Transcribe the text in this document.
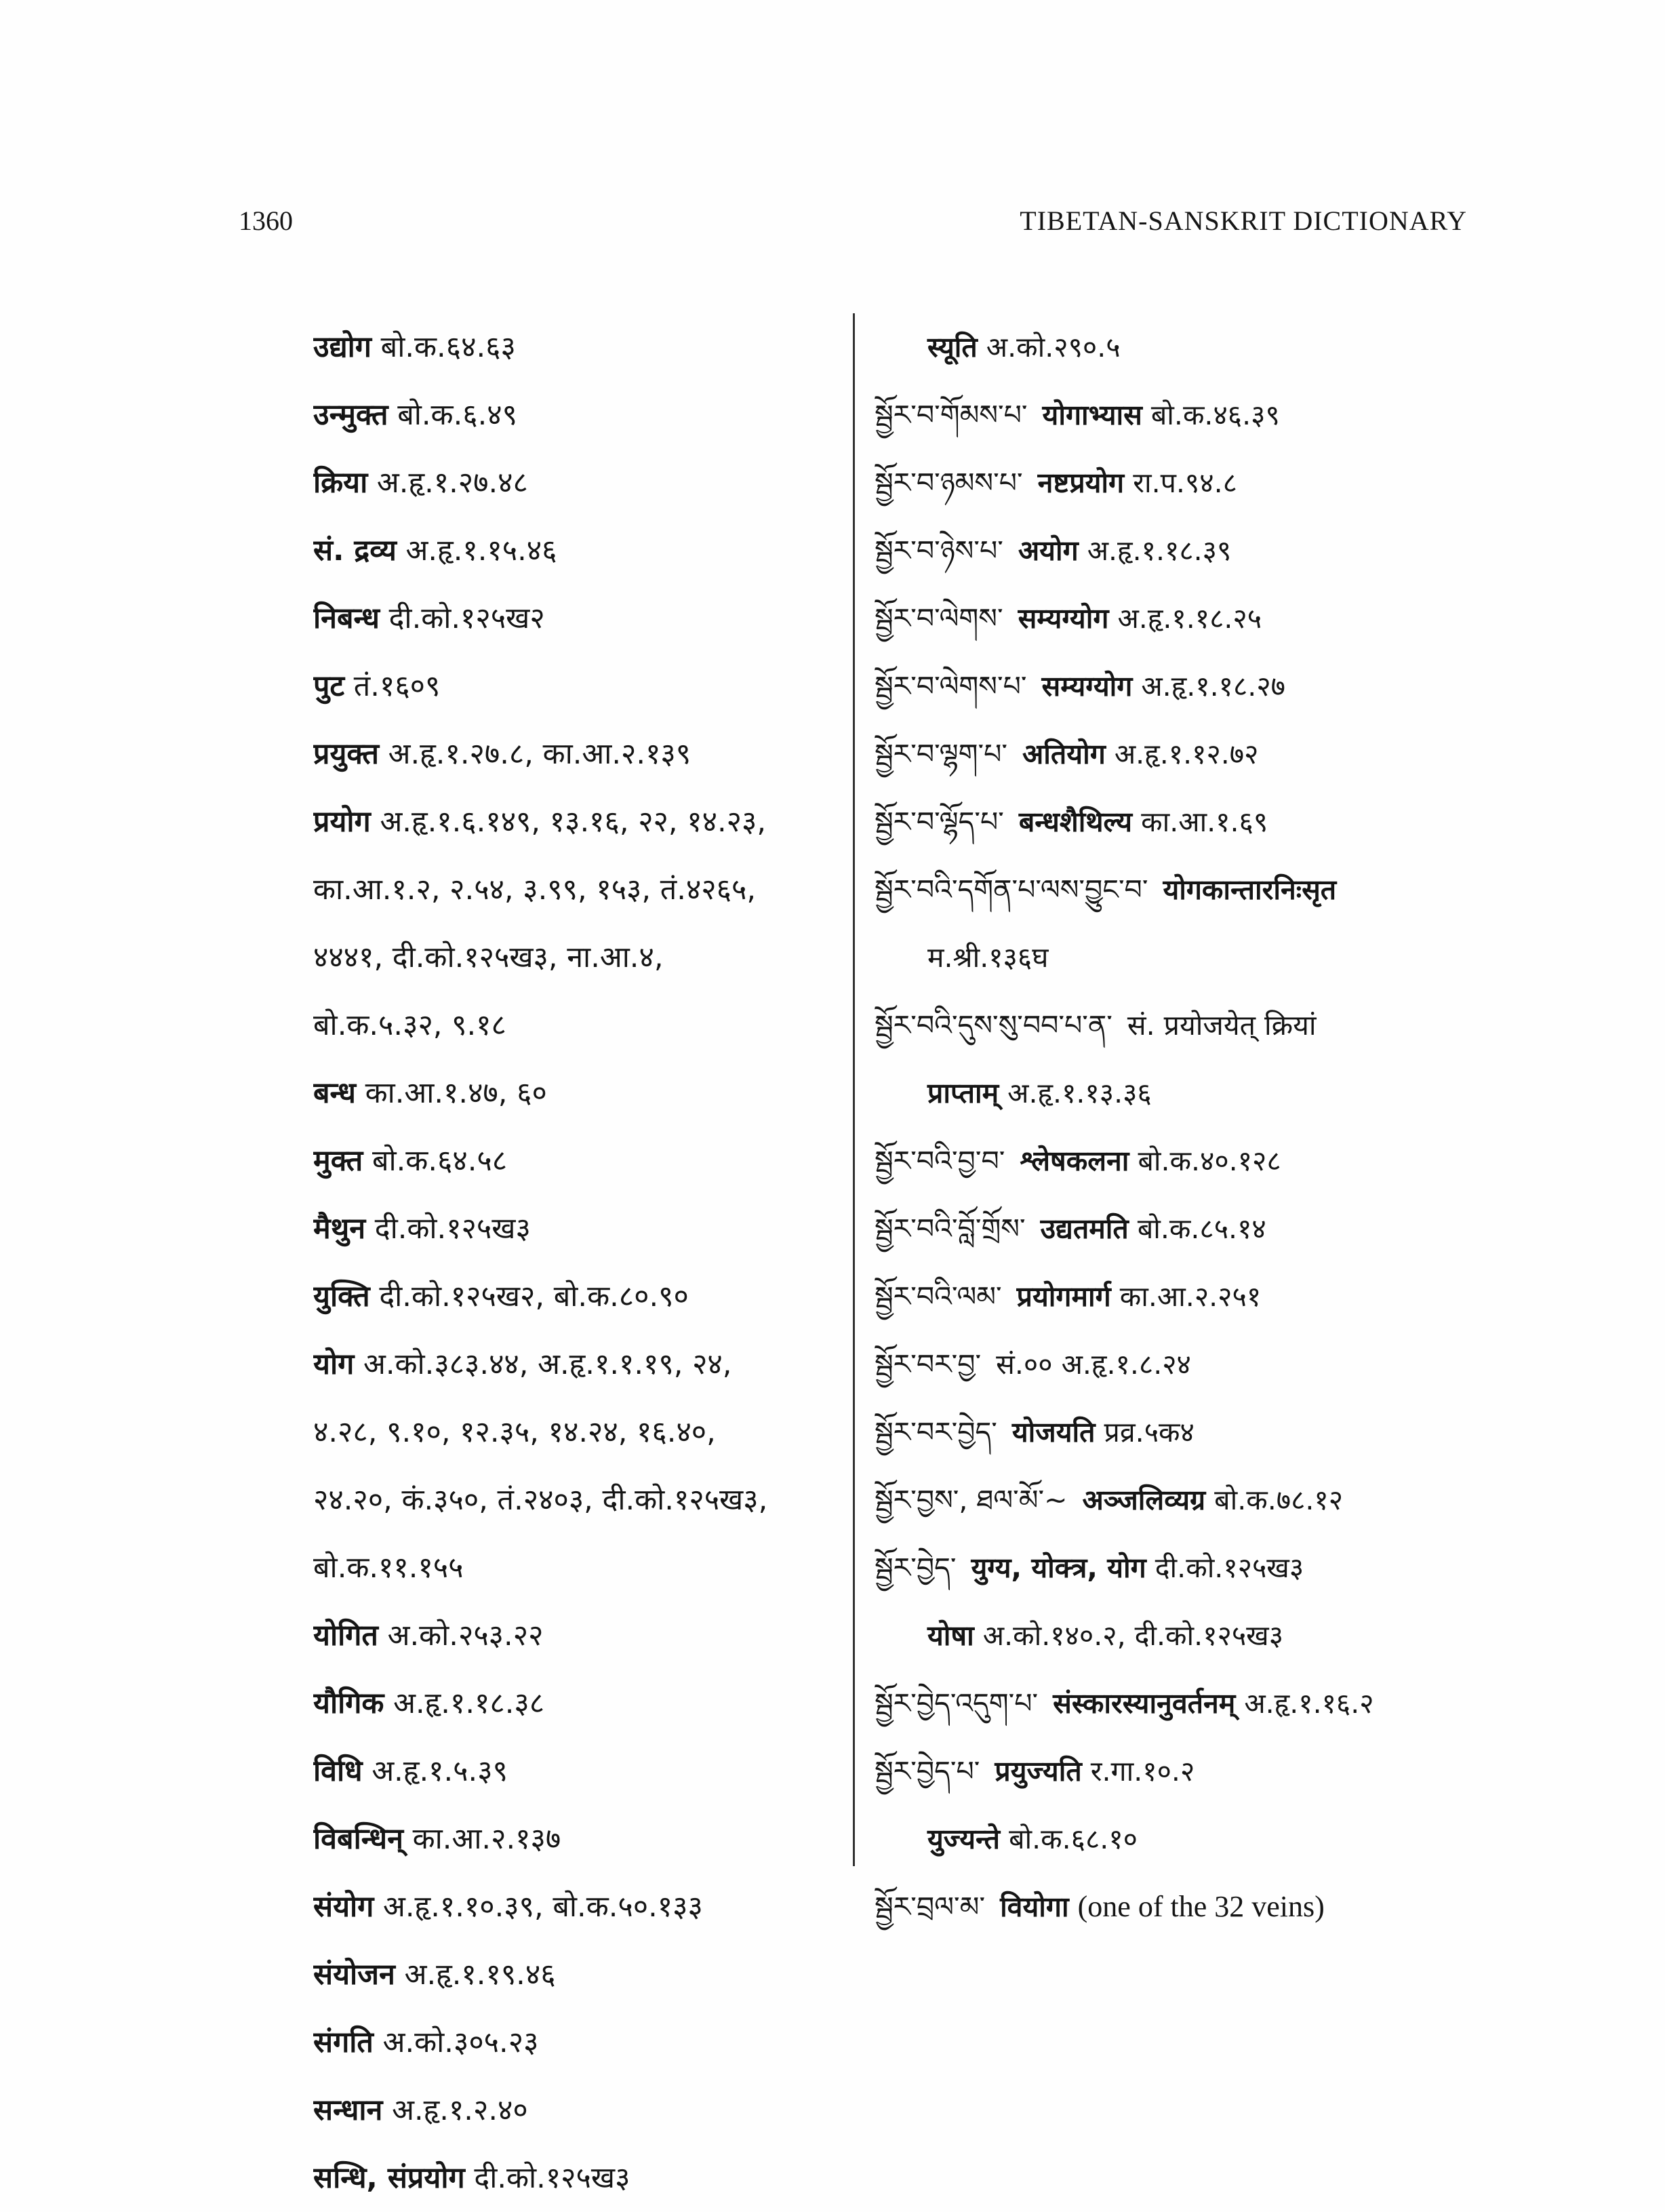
1360	TIBETAN-SANSKRIT DICTIONARY
उद्योग बो.क.६४.६३
उन्मुक्त बो.क.६.४९
क्रिया अ.हृ.१.२७.४८
सं. द्रव्य अ.हृ.१.१५.४६
निबन्ध दी.को.१२५ख२
पुट तं.१६०९
प्रयुक्त अ.हृ.१.२७.८, का.आ.२.१३९
प्रयोग अ.हृ.१.६.१४९, १३.१६, २२, १४.२३,
का.आ.१.२, २.५४, ३.९९, १५३, तं.४२६५,
४४४१, दी.को.१२५ख३, ना.आ.४,
बो.क.५.३२, ९.१८
बन्ध का.आ.१.४७, ६०
मुक्त बो.क.६४.५८
मैथुन दी.को.१२५ख३
युक्ति दी.को.१२५ख२, बो.क.८०.९०
योग अ.को.३८३.४४, अ.हृ.१.१.१९, २४,
४.२८, ९.१०, १२.३५, १४.२४, १६.४०,
२४.२०, कं.३५०, तं.२४०३, दी.को.१२५ख३,
बो.क.११.१५५
योगित अ.को.२५३.२२
यौगिक अ.हृ.१.१८.३८
विधि अ.हृ.१.५.३९
विबन्धिन् का.आ.२.१३७
संयोग अ.हृ.१.१०.३९, बो.क.५०.१३३
संयोजन अ.हृ.१.१९.४६
संगति अ.को.३०५.२३
सन्धान अ.हृ.१.२.४०
सन्धि, संप्रयोग दी.को.१२५ख३
स्यूति अ.को.२९०.५
སྦྱོར་བ་གོམས་པ་ योगाभ्यास बो.क.४६.३९
སྦྱོར་བ་ཉམས་པ་ नष्टप्रयोग रा.प.९४.८
སྦྱོར་བ་ཉེས་པ་ अयोग अ.हृ.१.१८.३९
སྦྱོར་བ་ལེགས་ सम्यग्योग अ.हृ.१.१८.२५
སྦྱོར་བ་ལེགས་པ་ सम्यग्योग अ.हृ.१.१८.२७
སྦྱོར་བ་ལྷག་པ་ अतियोग अ.हृ.१.१२.७२
སྦྱོར་བ་ལྷོད་པ་ बन्धशैथिल्य का.आ.१.६९
སྦྱོར་བའི་དགོན་པ་ལས་བྱུང་བ་ योगकान्तारनिःसृत
म.श्री.१३६घ
སྦྱོར་བའི་དུས་སུ་བབ་པ་ན་ सं. प्रयोजयेत् क्रियां
प्राप्ताम् अ.हृ.१.१३.३६
སྦྱོར་བའི་བྱ་བ་ श्लेषकलना बो.क.४०.१२८
སྦྱོར་བའི་བློ་གྲོས་ उद्यतमति बो.क.८५.१४
སྦྱོར་བའི་ལམ་ प्रयोगमार्ग का.आ.२.२५१
སྦྱོར་བར་བྱ་ सं.०० अ.हृ.१.८.२४
སྦྱོར་བར་བྱེད་ योजयति प्रव्र.५क४
སྦྱོར་བྱས་, ཐལ་མོ་~ अञ्जलिव्यग्र बो.क.७८.१२
སྦྱོར་བྱེད་ युग्य, योक्त्र, योग दी.को.१२५ख३
योषा अ.को.१४०.२, दी.को.१२५ख३
སྦྱོར་བྱེད་འདུག་པ་ संस्कारस्यानुवर्तनम् अ.हृ.१.१६.२
སྦྱོར་བྱེད་པ་ प्रयुज्यति र.गा.१०.२
युज्यन्ते बो.क.६८.१०
སྦྱོར་བྲལ་མ་ वियोगा (one of the 32 veins)
